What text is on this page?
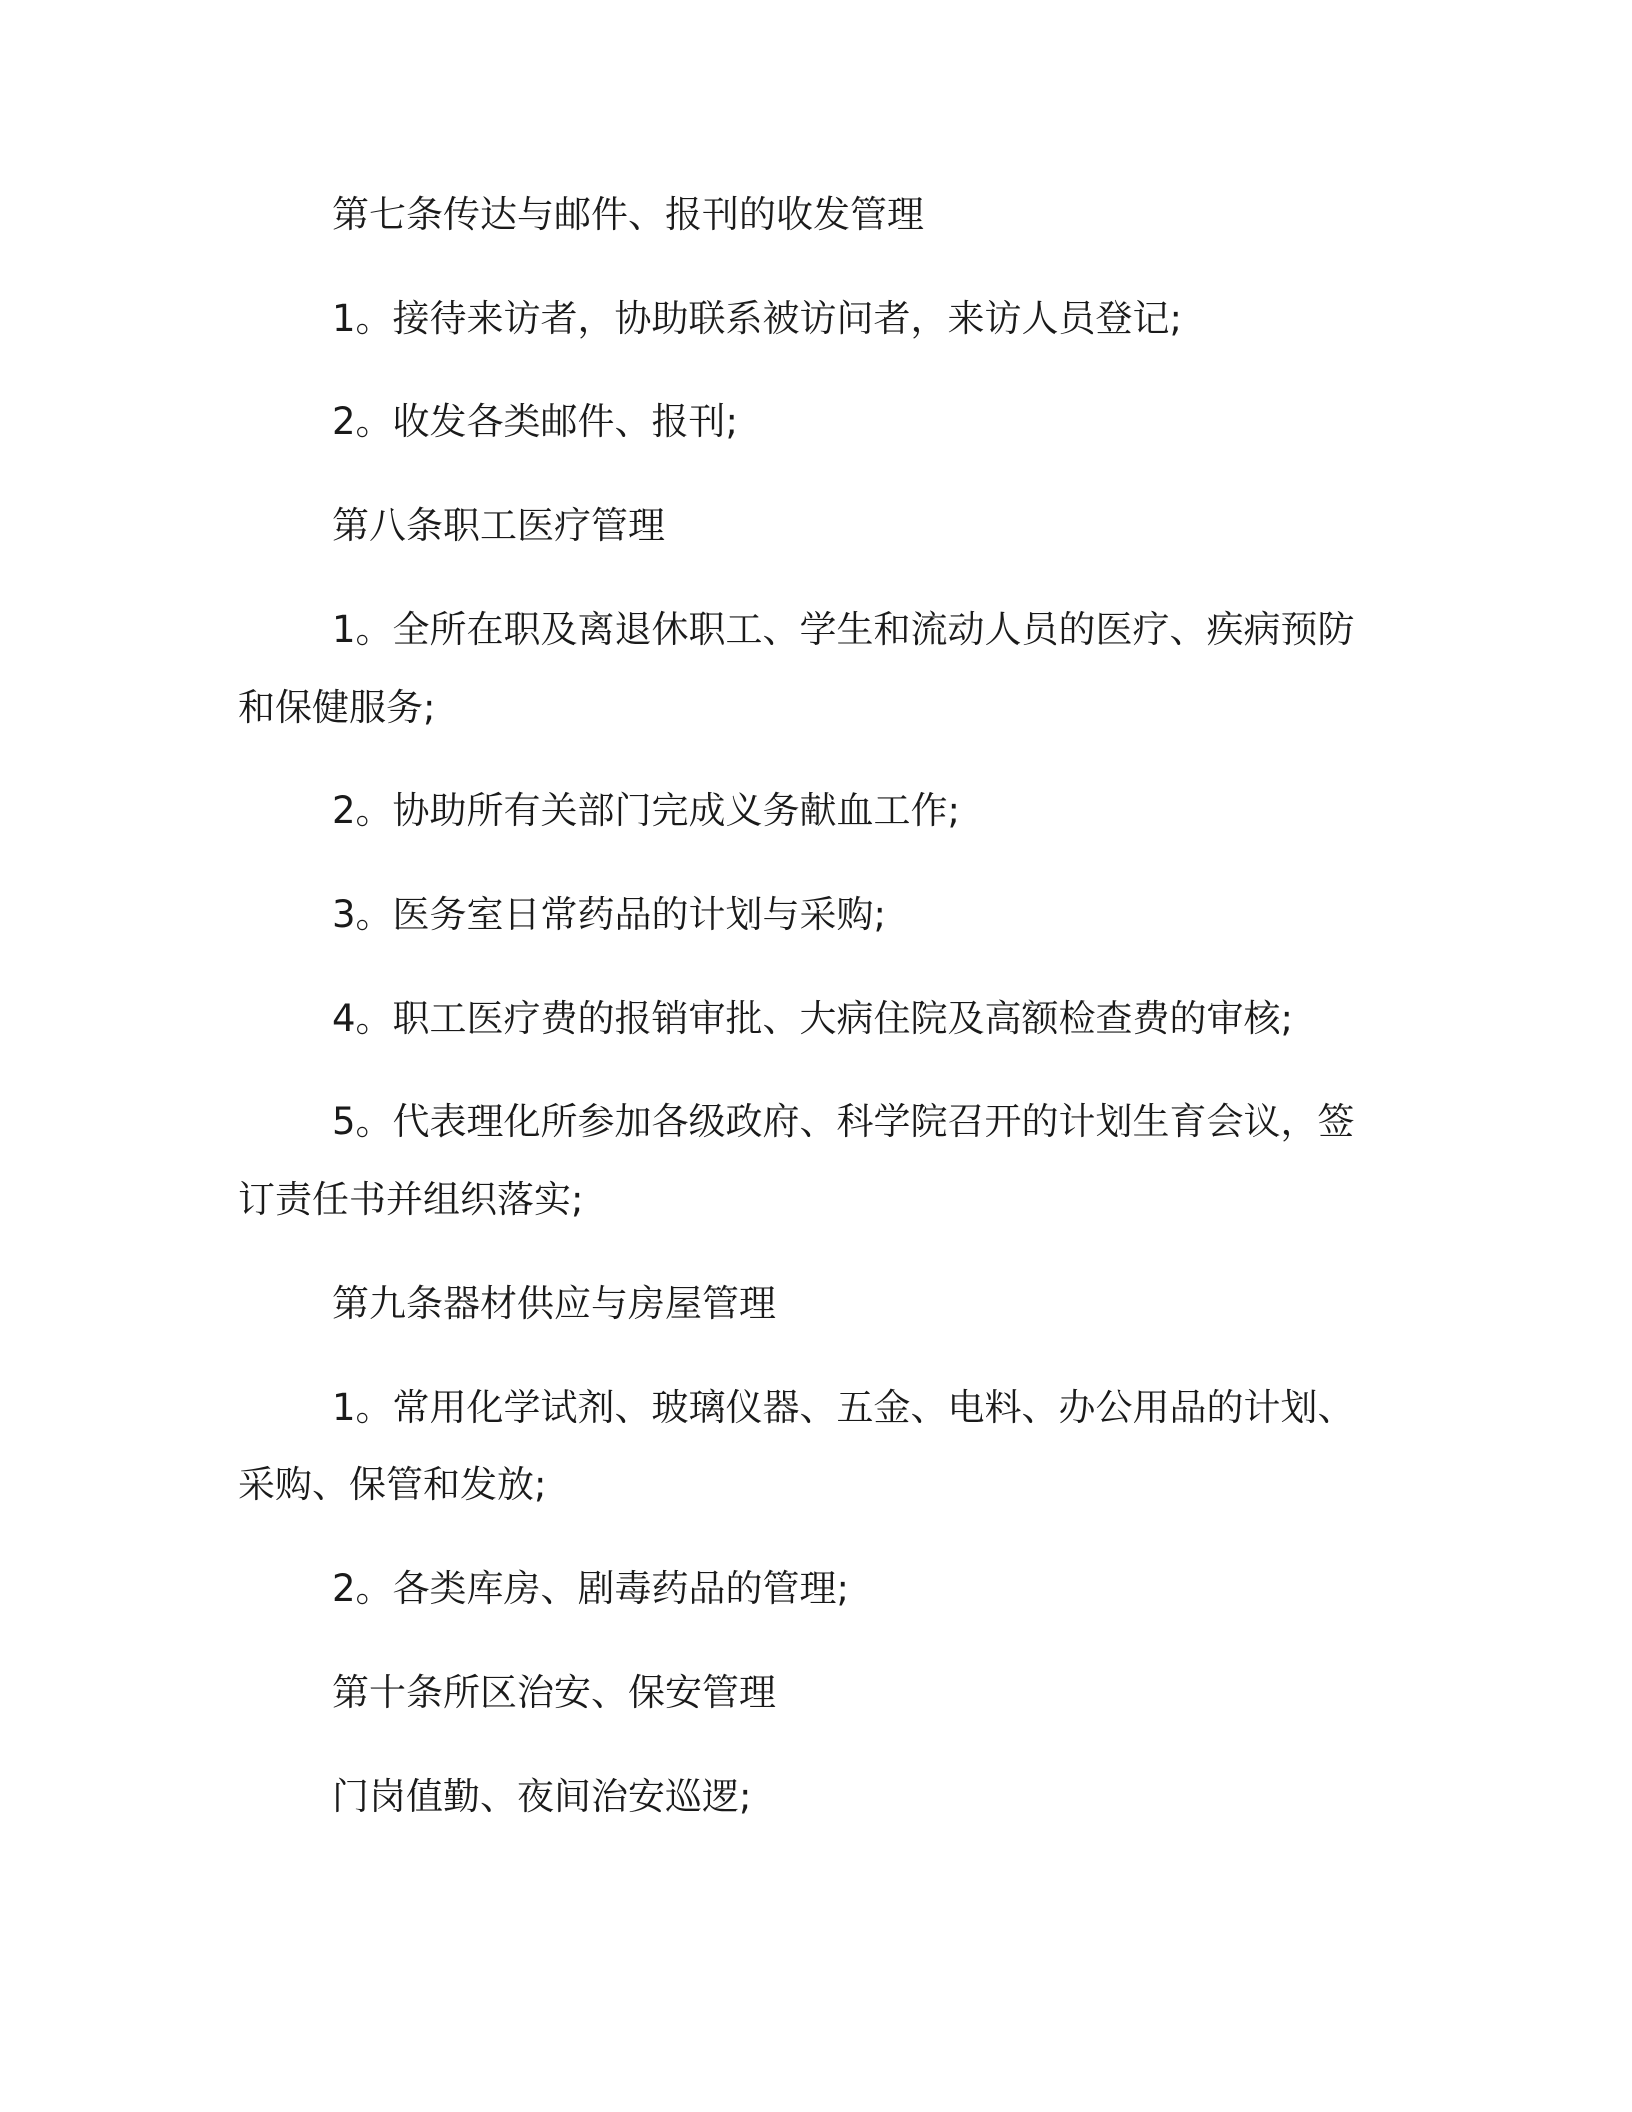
第七条传达与邮件、报刊的收发管理
1。接待来访者，协助联系被访问者，来访人员登记;
2。收发各类邮件、报刊;
第八条职工医疗管理
1。全所在职及离退休职工、学生和流动人员的医疗、疾病预防
和保健服务;
2。协助所有关部门完成义务献血工作;
3。医务室日常药品的计划与采购;
4。职工医疗费的报销审批、大病住院及高额检查费的审核;
5。代表理化所参加各级政府、科学院召开的计划生育会议，签
订责任书并组织落实;
第九条器材供应与房屋管理
1。常用化学试剂、玻璃仪器、五金、电料、办公用品的计划、
采购、保管和发放;
2。各类库房、剧毒药品的管理;
第十条所区治安、保安管理
门岗值勤、夜间治安巡逻;
